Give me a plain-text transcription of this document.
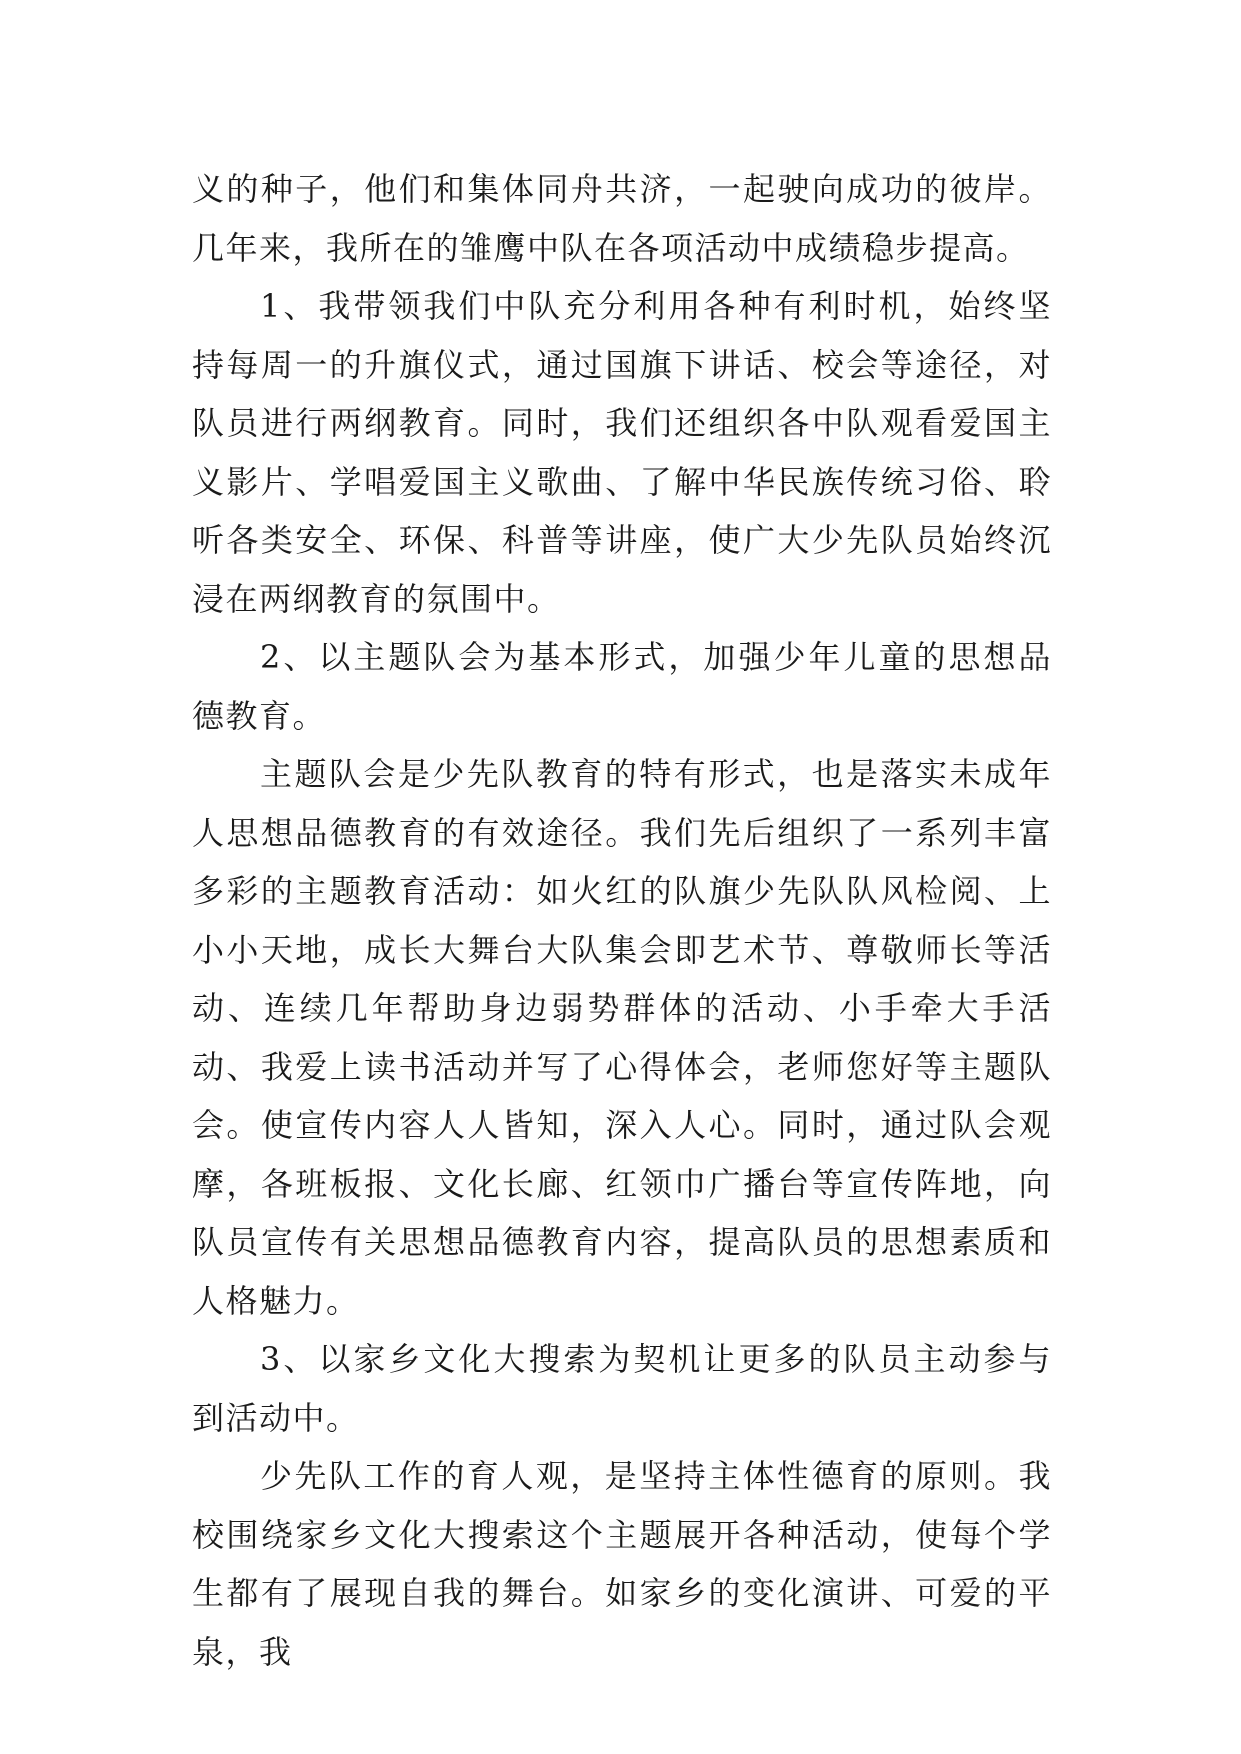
义的种子，他们和集体同舟共济，一起驶向成功的彼岸。几年来，我所在的雏鹰中队在各项活动中成绩稳步提高。

1、我带领我们中队充分利用各种有利时机，始终坚持每周一的升旗仪式，通过国旗下讲话、校会等途径，对队员进行两纲教育。同时，我们还组织各中队观看爱国主义影片、学唱爱国主义歌曲、了解中华民族传统习俗、聆听各类安全、环保、科普等讲座，使广大少先队员始终沉浸在两纲教育的氛围中。

2、以主题队会为基本形式，加强少年儿童的思想品德教育。

主题队会是少先队教育的特有形式，也是落实未成年人思想品德教育的有效途径。我们先后组织了一系列丰富多彩的主题教育活动：如火红的队旗少先队队风检阅、上小小天地，成长大舞台大队集会即艺术节、尊敬师长等活动、连续几年帮助身边弱势群体的活动、小手牵大手活动、我爱上读书活动并写了心得体会，老师您好等主题队会。使宣传内容人人皆知，深入人心。同时，通过队会观摩，各班板报、文化长廊、红领巾广播台等宣传阵地，向队员宣传有关思想品德教育内容，提高队员的思想素质和人格魅力。

3、以家乡文化大搜索为契机让更多的队员主动参与到活动中。

少先队工作的育人观，是坚持主体性德育的原则。我校围绕家乡文化大搜索这个主题展开各种活动，使每个学生都有了展现自我的舞台。如家乡的变化演讲、可爱的平泉，我
